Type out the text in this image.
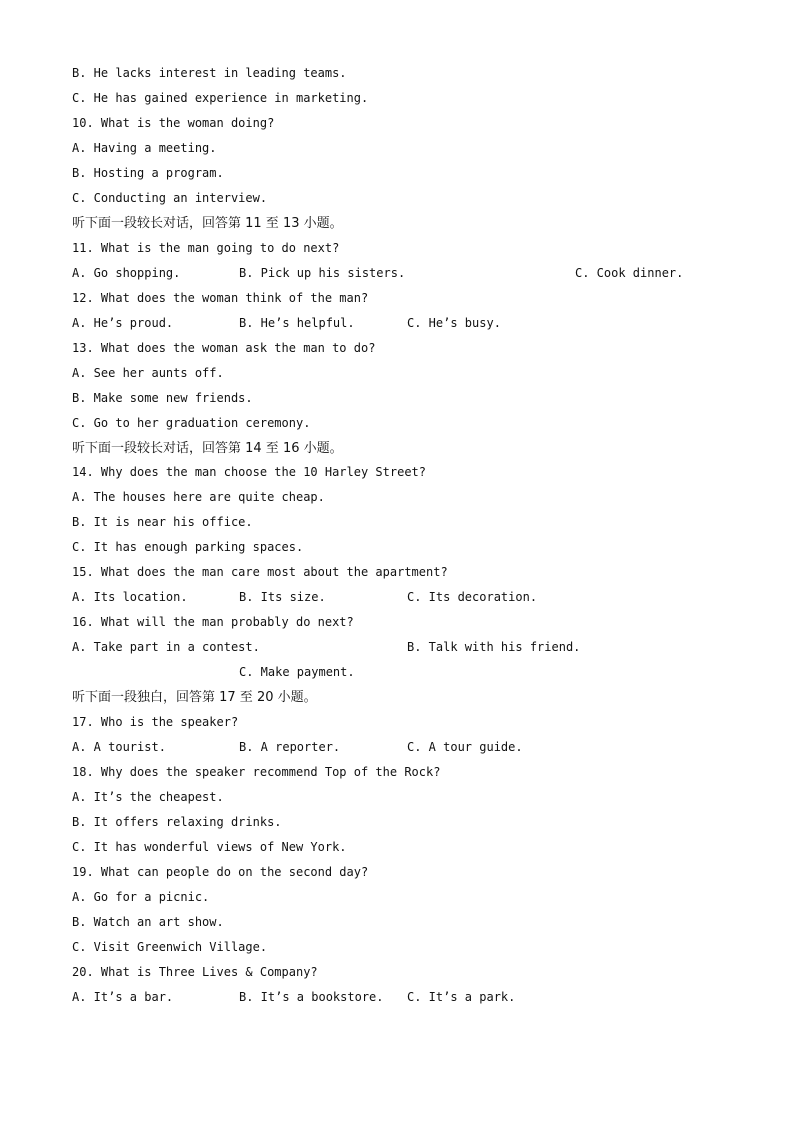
B. He lacks interest in leading teams.
C. He has gained experience in marketing.
10. What is the woman doing?
A. Having a meeting.
B. Hosting a program.
C. Conducting an interview.
听下面一段较长对话，回答第 11 至 13 小题。
11. What is the man going to do next?

A. Go shopping.

	B. Pick up his sisters.

	C. Cook dinner.

12. What does the woman think of the man?

A. He’s proud.

	B. He’s helpful.

	C. He’s busy.

13. What does the woman ask the man to do?
A. See her aunts off.
B. Make some new friends.
C. Go to her graduation ceremony.
听下面一段较长对话，回答第 14 至 16 小题。
14. Why does the man choose the 10 Harley Street?
A. The houses here are quite cheap.
B. It is near his office.
C. It has enough parking spaces.
15. What does the man care most about the apartment?

A. Its location.

	B. Its size.

	C. Its decoration.

16. What will the man probably do next?

A. Take part in a contest.

	B. Talk with his friend.

C. Make payment.

听下面一段独白，回答第 17 至 20 小题。
17. Who is the speaker?

A. A tourist.

	B. A reporter.

	C. A tour guide.

18. Why does the speaker recommend Top of the Rock?
A. It’s the cheapest.
B. It offers relaxing drinks.
C. It has wonderful views of New York.
19. What can people do on the second day?
A. Go for a picnic.
B. Watch an art show.
C. Visit Greenwich Village.
20. What is Three Lives & Company?

A. It’s a bar.

	B. It’s a bookstore.

C. It’s a park.
